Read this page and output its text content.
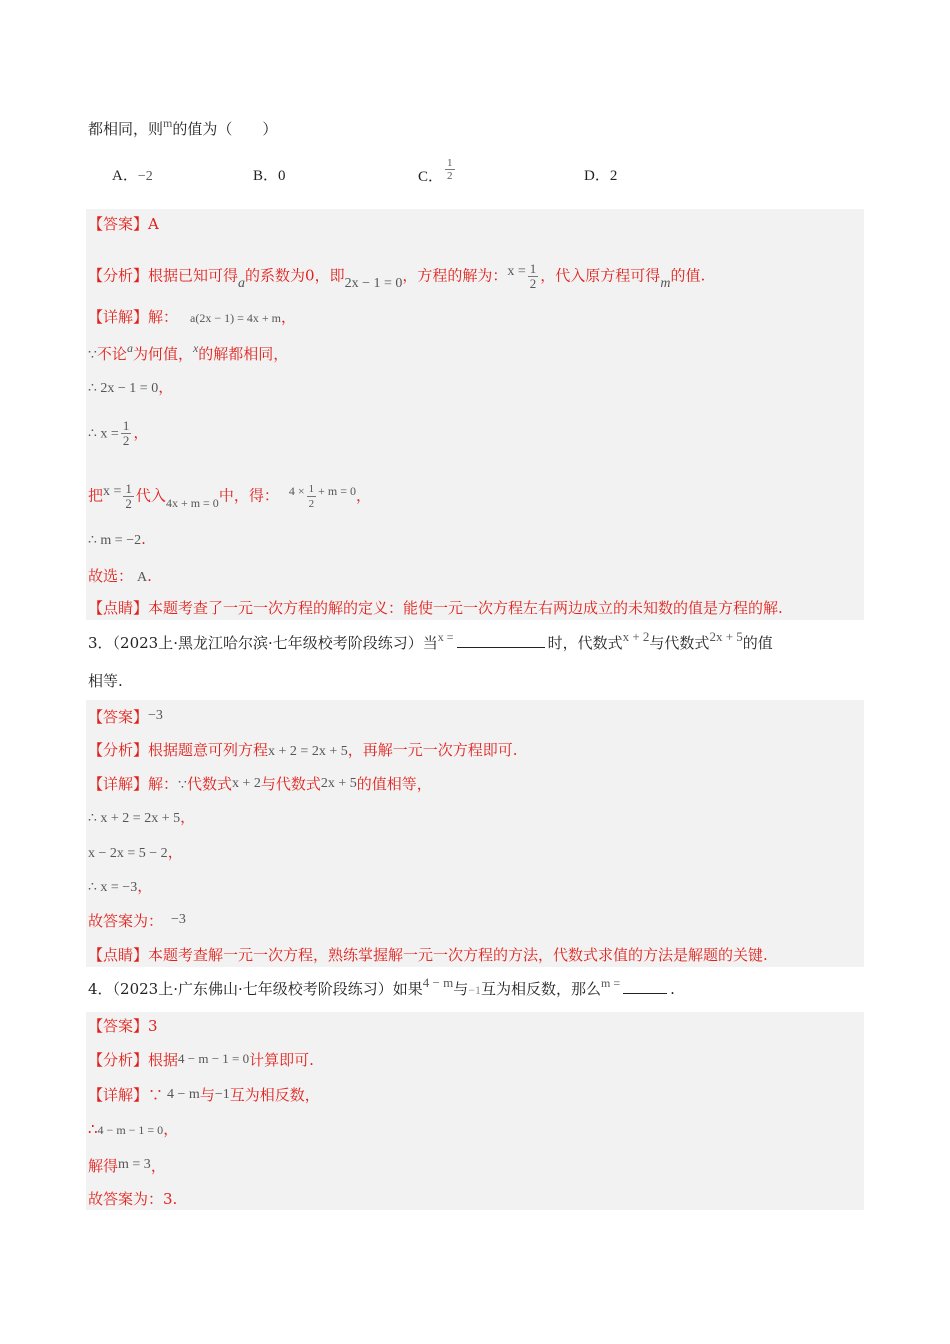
都相同，则$^m$的值为（　　）
A．−2	B．0	C． $\frac{1}{2}$	D．2
【答案】A
【分析】根据已知可得a的系数为0，即2x − 1 = 0，方程的解为：$x = \frac{1}{2}$ ，代入原方程可得m的值.
【详解】解： a(2x − 1) = 4x + m，
∵不论$^a$为何值，$^x$的解都相同，
∴ 2x − 1 = 0，
∴ $x = \frac{1}{2}$ ，
把$x = \frac{1}{2}$ 代入$_{4x + m = 0}$中，得： $^{4 \times} \frac{1}{2} ^{+ m = 0}$，
∴ m = −2.
故选： A.
【点睛】本题考查了一元一次方程的解的定义：能使一元一次方程左右两边成立的未知数的值是方程的解.
3．（2023上·黑龙江哈尔滨·七年级校考阶段练习）当$^{x =}$	时，代数式x + 2与代数式2x + 5的值
相等.
【答案】−3
【分析】根据题意可列方程x + 2 = 2x + 5，再解一元一次方程即可.
【详解】解：∵代数式x + 2与代数式2x + 5的值相等，
∴ x + 2 = 2x + 5，
x − 2x = 5 − 2，
∴ x = −3，
故答案为： −3
【点睛】本题考查解一元一次方程，熟练掌握解一元一次方程的方法，代数式求值的方法是解题的关键.
4．（2023上·广东佛山·七年级校考阶段练习）如果4 − m与−1互为相反数，那么$^{m =}$	.
【答案】3
【分析】根据4 − m − 1 = 0计算即可.
【详解】∵ 4 − m与−1互为相反数，
∴4 − m − 1 = 0，
解得m = 3，
故答案为：3.
